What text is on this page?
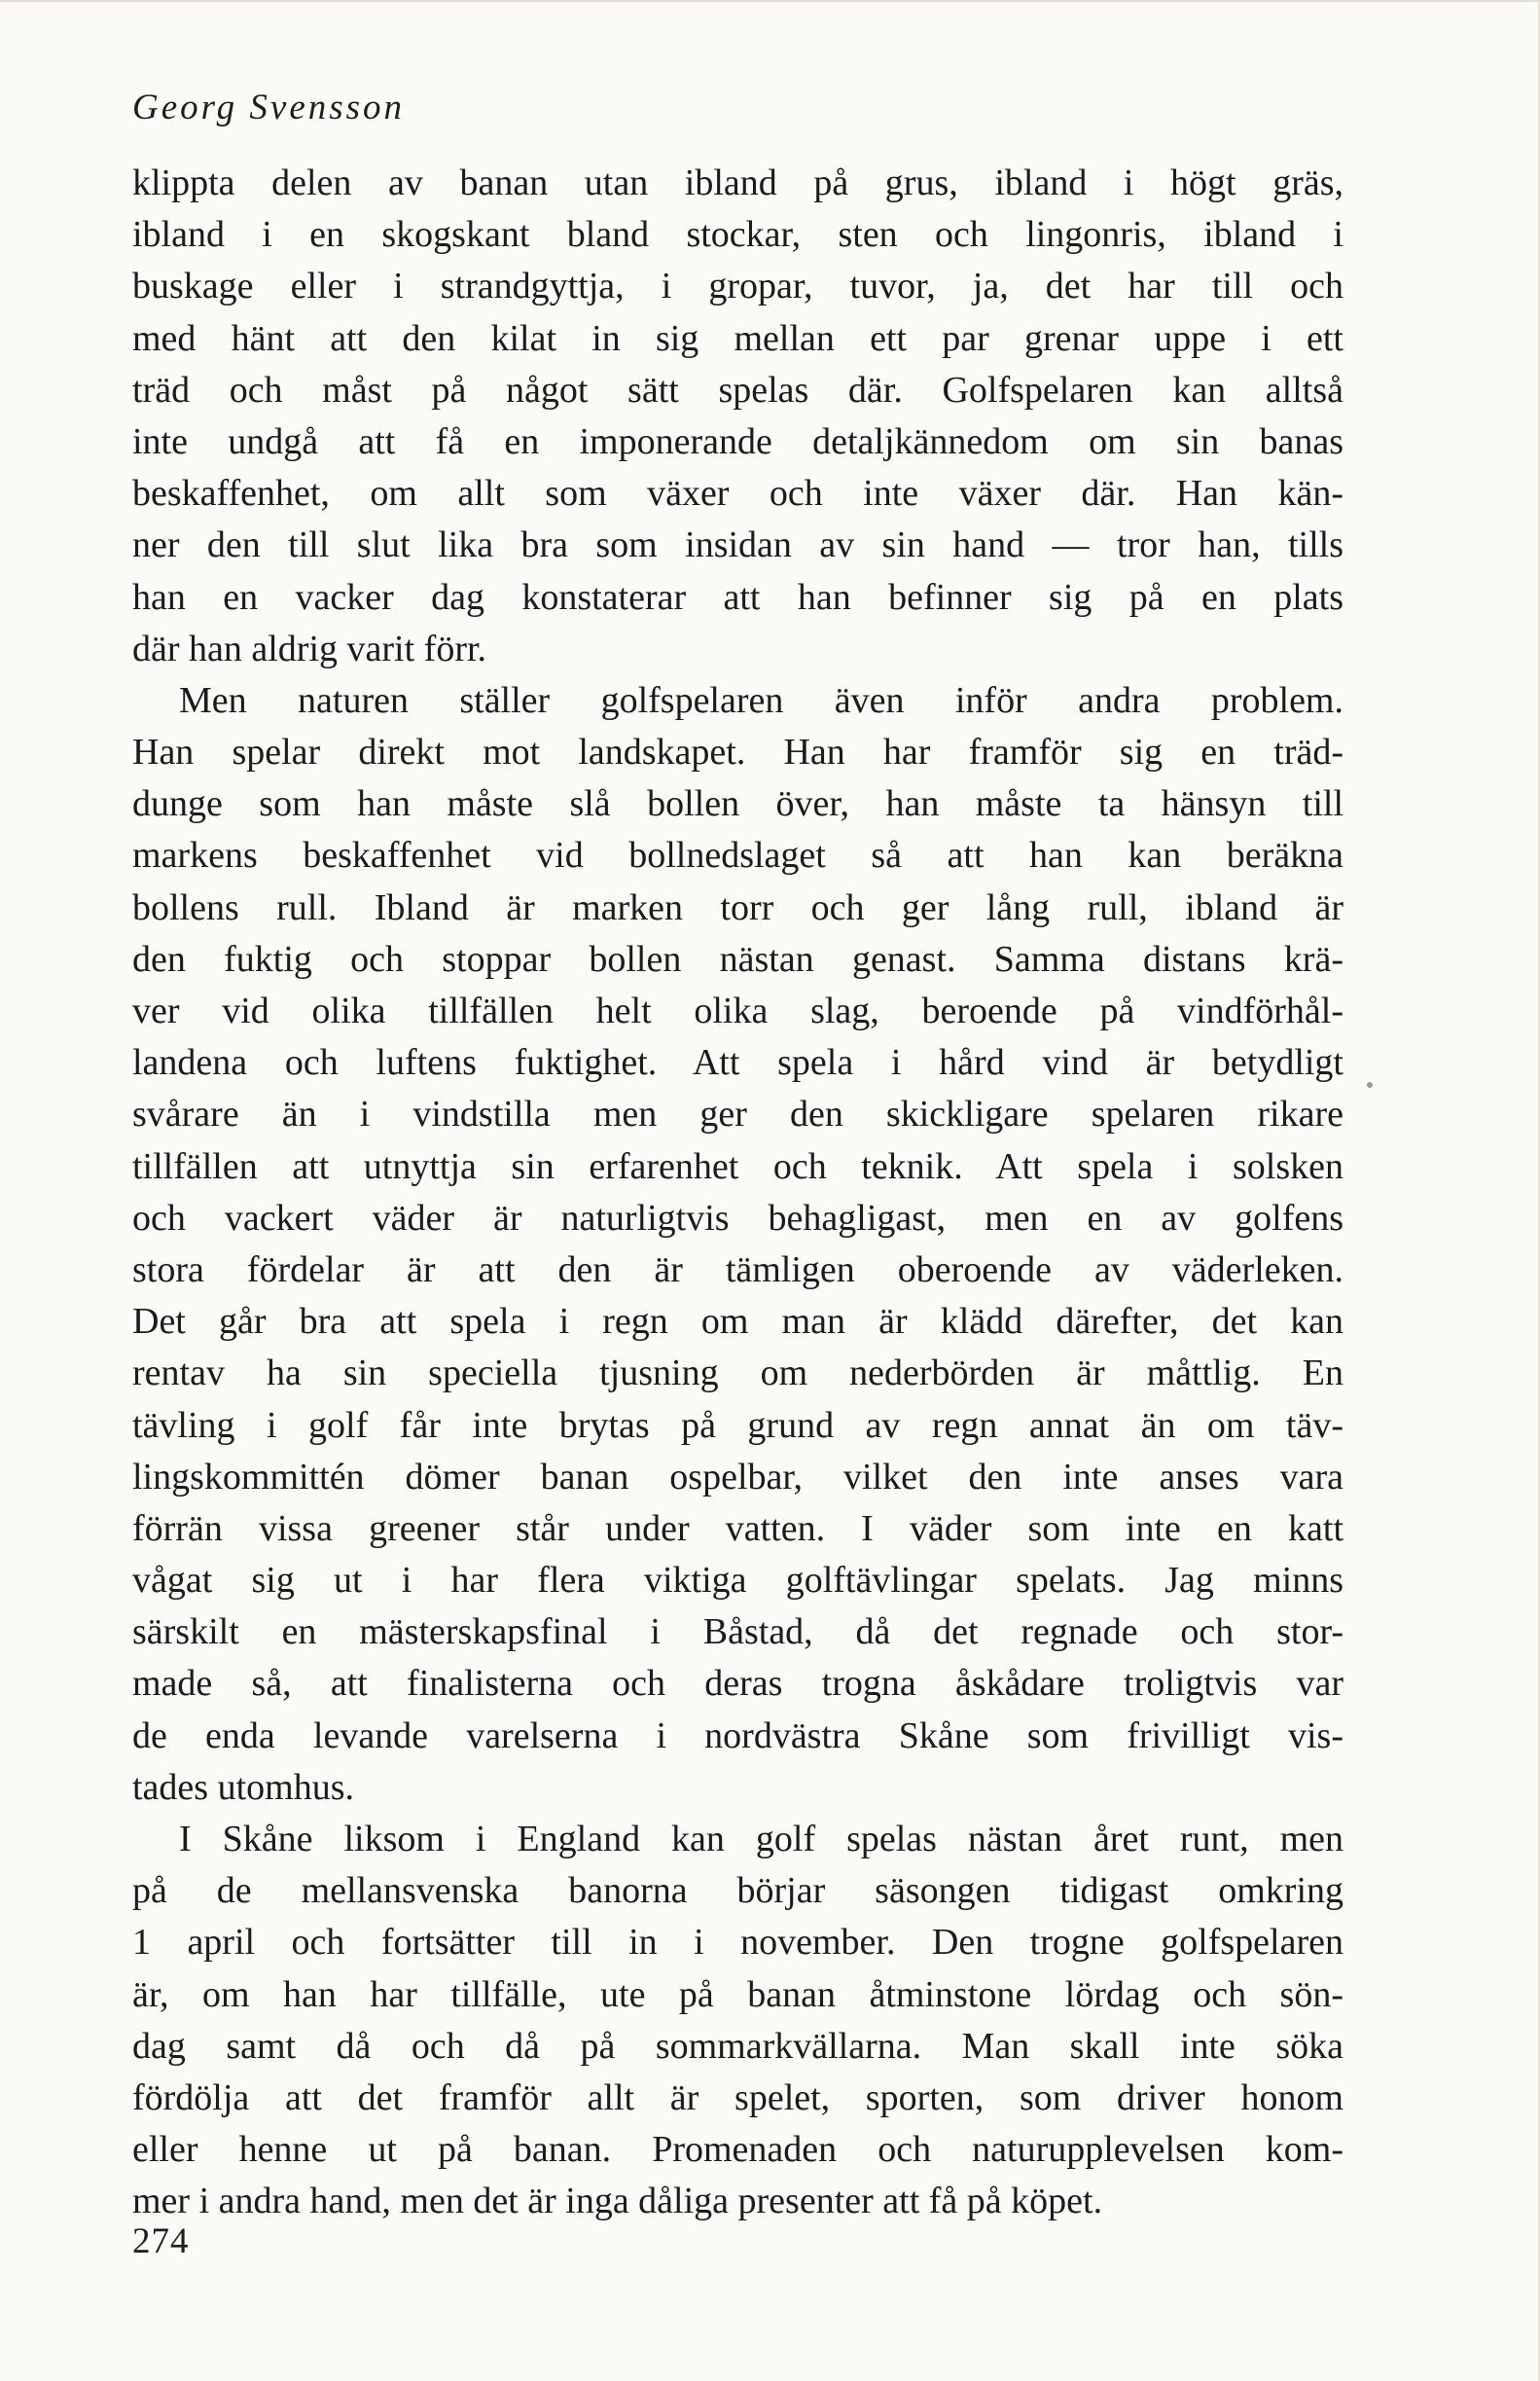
Georg Svensson
klippta delen av banan utan ibland på grus, ibland i högt gräs,
ibland i en skogskant bland stockar, sten och lingonris, ibland i
buskage eller i strandgyttja, i gropar, tuvor, ja, det har till och
med hänt att den kilat in sig mellan ett par grenar uppe i ett
träd och måst på något sätt spelas där. Golfspelaren kan alltså
inte undgå att få en imponerande detaljkännedom om sin banas
beskaffenhet, om allt som växer och inte växer där. Han kän-
ner den till slut lika bra som insidan av sin hand — tror han, tills
han en vacker dag konstaterar att han befinner sig på en plats
där han aldrig varit förr.
Men naturen ställer golfspelaren även inför andra problem.
Han spelar direkt mot landskapet. Han har framför sig en träd-
dunge som han måste slå bollen över, han måste ta hänsyn till
markens beskaffenhet vid bollnedslaget så att han kan beräkna
bollens rull. Ibland är marken torr och ger lång rull, ibland är
den fuktig och stoppar bollen nästan genast. Samma distans krä-
ver vid olika tillfällen helt olika slag, beroende på vindförhål-
landena och luftens fuktighet. Att spela i hård vind är betydligt
svårare än i vindstilla men ger den skickligare spelaren rikare
tillfällen att utnyttja sin erfarenhet och teknik. Att spela i solsken
och vackert väder är naturligtvis behagligast, men en av golfens
stora fördelar är att den är tämligen oberoende av väderleken.
Det går bra att spela i regn om man är klädd därefter, det kan
rentav ha sin speciella tjusning om nederbörden är måttlig. En
tävling i golf får inte brytas på grund av regn annat än om täv-
lingskommittén dömer banan ospelbar, vilket den inte anses vara
förrän vissa greener står under vatten. I väder som inte en katt
vågat sig ut i har flera viktiga golftävlingar spelats. Jag minns
särskilt en mästerskapsfinal i Båstad, då det regnade och stor-
made så, att finalisterna och deras trogna åskådare troligtvis var
de enda levande varelserna i nordvästra Skåne som frivilligt vis-
tades utomhus.
I Skåne liksom i England kan golf spelas nästan året runt, men
på de mellansvenska banorna börjar säsongen tidigast omkring
1 april och fortsätter till in i november. Den trogne golfspelaren
är, om han har tillfälle, ute på banan åtminstone lördag och sön-
dag samt då och då på sommarkvällarna. Man skall inte söka
fördölja att det framför allt är spelet, sporten, som driver honom
eller henne ut på banan. Promenaden och naturupplevelsen kom-
mer i andra hand, men det är inga dåliga presenter att få på köpet.
274
